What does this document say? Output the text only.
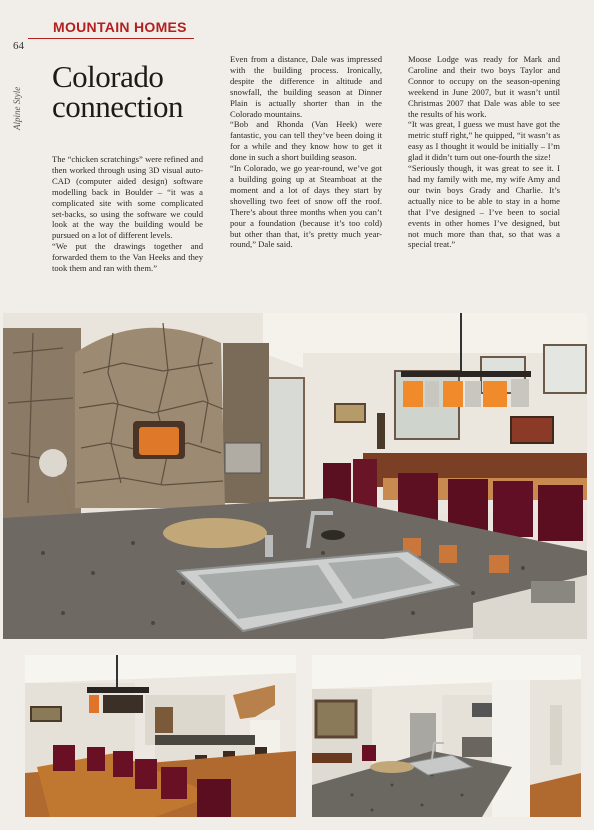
64
Alpine Style
MOUNTAIN HOMES
Colorado
connection

The “chicken scratchings” were refined and then worked through using 3D visual auto-CAD (computer aided design) software modelling back in Boulder – “it was a complicated site with some complicated set-backs, so using the software we could look at the way the building would be pursued on a lot of different levels.

“We put the drawings together and forwarded them to the Van Heeks and they took them and ran with them.”

Even from a distance, Dale was impressed with the building process. Ironically, despite the difference in altitude and snowfall, the building season at Dinner Plain is actually shorter than in the Colorado mountains.

“Bob and Rhonda (Van Heek) were fantastic, you can tell they’ve been doing it for a while and they know how to get it done in such a short building season.

“In Colorado, we go year-round, we’ve got a building going up at Steamboat at the moment and a lot of days they start by shovelling two feet of snow off the roof. There’s about three months when you can’t pour a foundation (because it’s too cold) but other than that, it’s pretty much year-round,” Dale said.

Moose Lodge was ready for Mark and Caroline and their two boys Taylor and Connor to occupy on the season-opening weekend in June 2007, but it wasn’t until Christmas 2007 that Dale was able to see the results of his work.

“It was great, I guess we must have got the metric stuff right,” he quipped, “it wasn’t as easy as I thought it would be initially – I’m glad it didn’t turn out one-fourth the size!

“Seriously though, it was great to see it. I had my family with me, my wife Amy and our twin boys Grady and Charlie. It’s actually nice to be able to stay in a home that I’ve designed – I’ve been to social events in other homes I’ve designed, but not much more than that, so that was a special treat.”
